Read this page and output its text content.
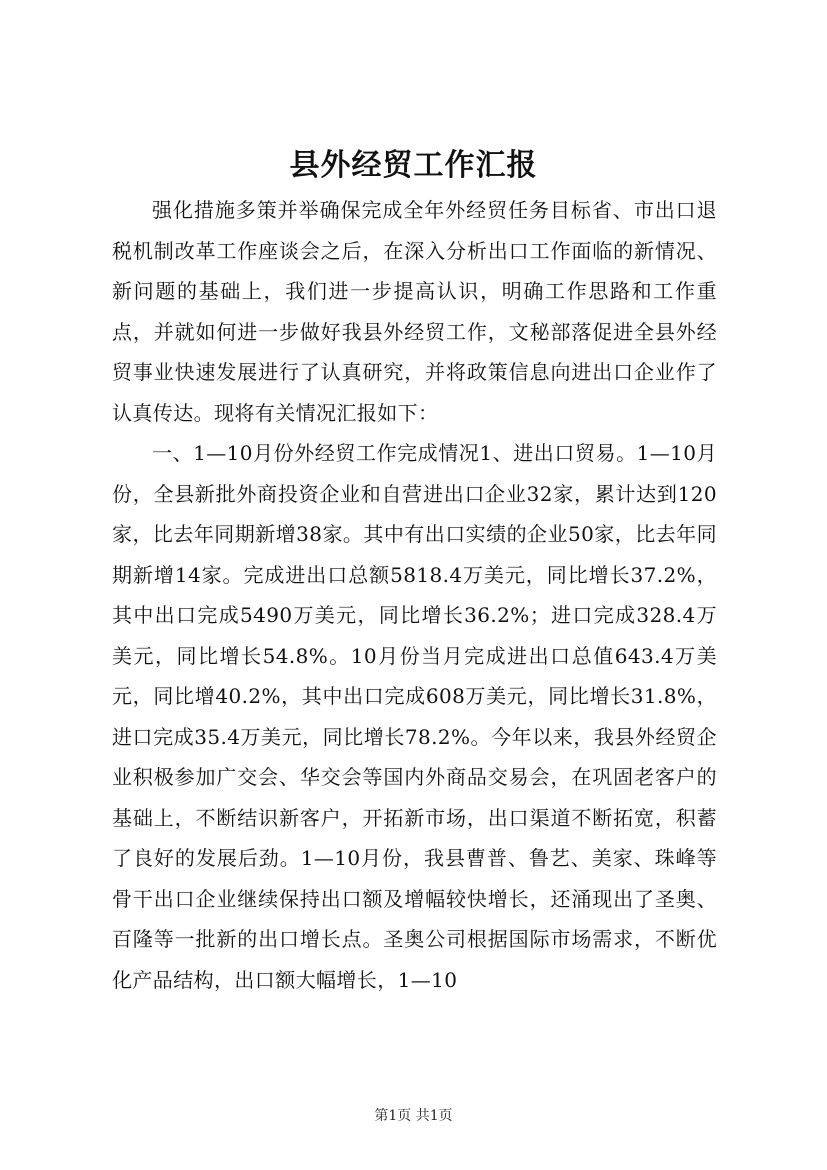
县外经贸工作汇报

强化措施多策并举确保完成全年外经贸任务目标省、市出口退税机制改革工作座谈会之后，在深入分析出口工作面临的新情况、新问题的基础上，我们进一步提高认识，明确工作思路和工作重点，并就如何进一步做好我县外经贸工作，文秘部落促进全县外经贸事业快速发展进行了认真研究，并将政策信息向进出口企业作了认真传达。现将有关情况汇报如下：

一、1—10月份外经贸工作完成情况1、进出口贸易。1—10月份，全县新批外商投资企业和自营进出口企业32家，累计达到120家，比去年同期新增38家。其中有出口实绩的企业50家，比去年同期新增14家。完成进出口总额5818.4万美元，同比增长37.2%，其中出口完成5490万美元，同比增长36.2%；进口完成328.4万美元，同比增长54.8%。10月份当月完成进出口总值643.4万美元，同比增40.2%，其中出口完成608万美元，同比增长31.8%，进口完成35.4万美元，同比增长78.2%。今年以来，我县外经贸企业积极参加广交会、华交会等国内外商品交易会，在巩固老客户的基础上，不断结识新客户，开拓新市场，出口渠道不断拓宽，积蓄了良好的发展后劲。1—10月份，我县曹普、鲁艺、美家、珠峰等骨干出口企业继续保持出口额及增幅较快增长，还涌现出了圣奥、百隆等一批新的出口增长点。圣奥公司根据国际市场需求，不断优化产品结构，出口额大幅增长，1—10

第1页 共1页
